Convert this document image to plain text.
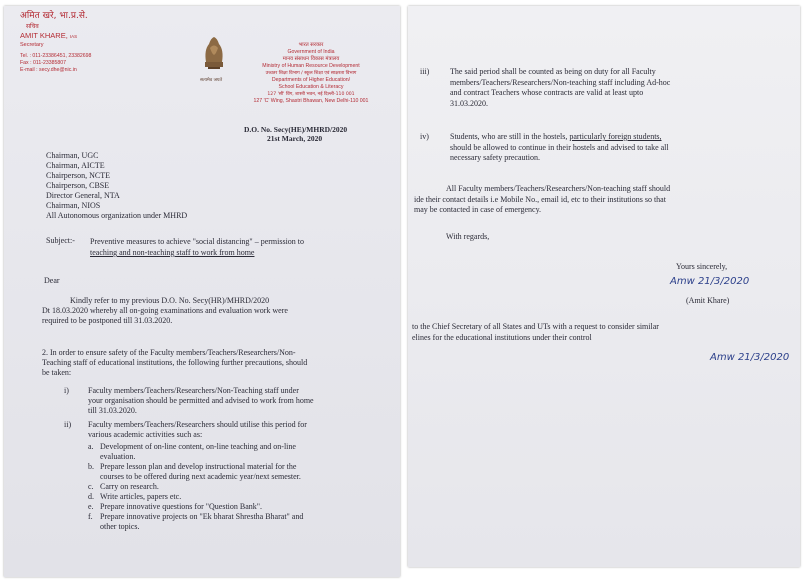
अमित खरे, भा.प्र.से.
सचिव
AMIT KHARE, IAS
Secretary
Tel. : 011-23386451, 23382698
Fax : 011-23385807
E-mail : secy.dhe@nic.in
सत्यमेव जयते
भारत सरकार
Government of India
मानव संसाधन विकास मंत्रालय
Ministry of Human Resource Development
उच्चतर शिक्षा विभाग / स्कूल शिक्षा एवं साक्षरता विभाग
Departments of Higher Education/
School Education & Literacy
127 'सी' विंग, शास्त्री भवन, नई दिल्ली-110 001
127 'C' Wing, Shastri Bhawan, New Delhi-110 001
D.O. No. Secy(HE)/MHRD/2020
21st March, 2020
Chairman, UGC
Chairman, AICTE
Chairperson, NCTE
Chairperson, CBSE
Director General, NTA
Chairman, NIOS
All Autonomous organization under MHRD
Subject:- Preventive measures to achieve "social distancing" – permission to
teaching and non-teaching staff to work from home
Dear
Kindly refer to my previous D.O. No. Secy(HR)/MHRD/2020
Dt 18.03.2020 whereby all on-going examinations and evaluation work were
required to be postponed till 31.03.2020.
2. In order to ensure safety of the Faculty members/Teachers/Researchers/Non-
Teaching staff of educational institutions, the following further precautions, should
be taken:
i) Faculty members/Teachers/Researchers/Non-Teaching staff under
your organisation should be permitted and advised to work from home
till 31.03.2020.
ii) Faculty members/Teachers/Researchers should utilise this period for
various academic activities such as:
a. Development of on-line content, on-line teaching and on-line
evaluation.
b. Prepare lesson plan and develop instructional material for the
courses to be offered during next academic year/next semester.
c. Carry on research.
d. Write articles, papers etc.
e. Prepare innovative questions for "Question Bank".
f. Prepare innovative projects on "Ek bharat Shrestha Bharat" and
other topics.
iii)	The said period shall be counted as being on duty for all Faculty
members/Teachers/Researchers/Non-teaching staff including Ad-hoc
and contract Teachers whose contracts are valid at least upto
31.03.2020.
iv)	Students, who are still in the hostels, particularly foreign students,
should be allowed to continue in their hostels and advised to take all
necessary safety precaution.
All Faculty members/Teachers/Researchers/Non-teaching staff should
ide their contact details i.e Mobile No., email id, etc to their institutions so that
may be contacted in case of emergency.
With regards,
Yours sincerely,
Amw 21/3/2020
(Amit Khare)
to the Chief Secretary of all States and UTs with a request to consider similar
elines for the educational institutions under their control
Amw 21/3/2020
